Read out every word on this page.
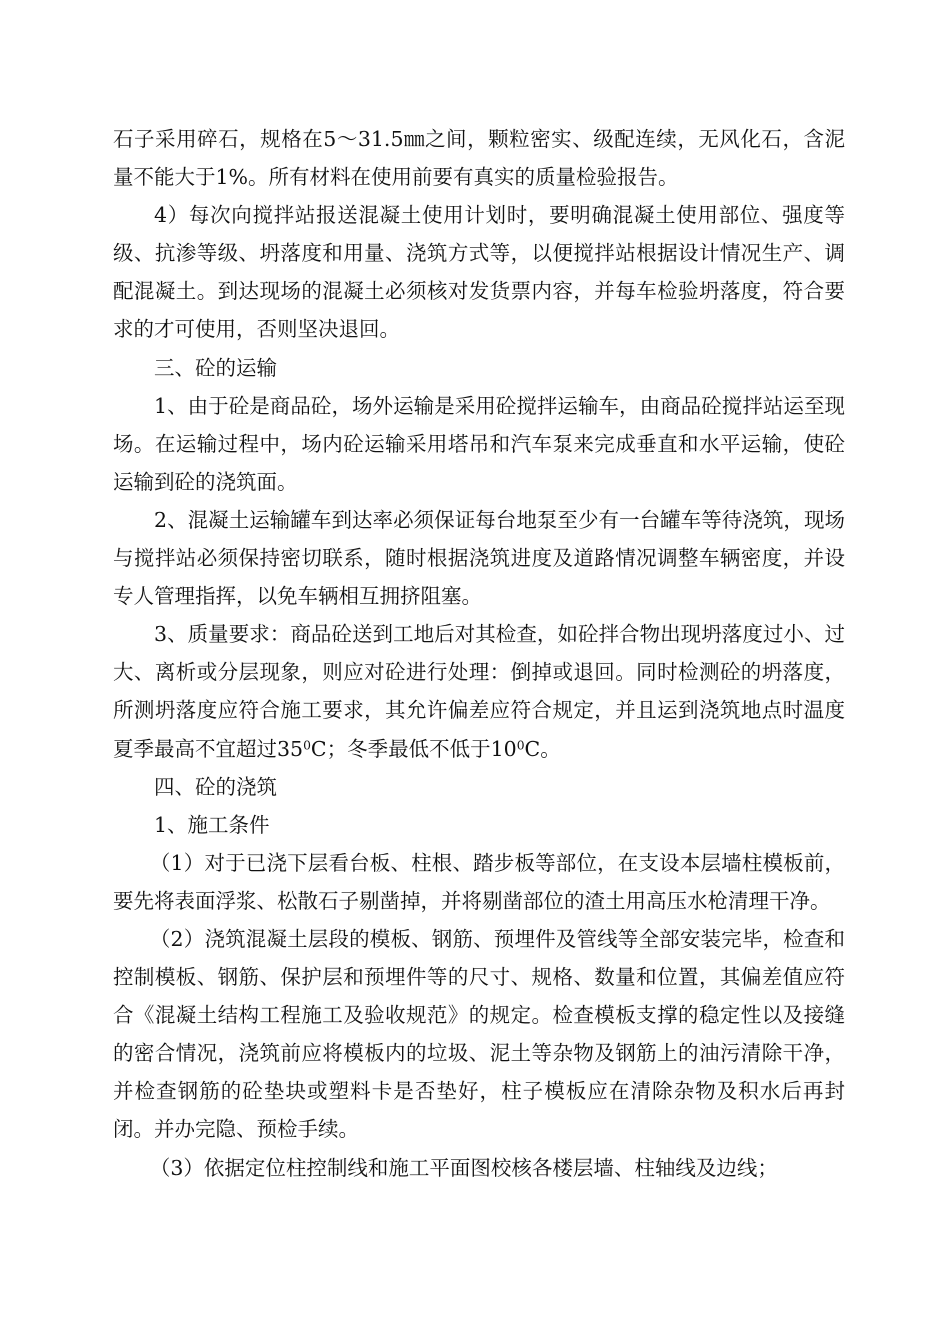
石子采用碎石，规格在5～31.5㎜之间，颗粒密实、级配连续，无风化石，含泥量不能大于1%。所有材料在使用前要有真实的质量检验报告。

4）每次向搅拌站报送混凝土使用计划时，要明确混凝土使用部位、强度等级、抗渗等级、坍落度和用量、浇筑方式等，以便搅拌站根据设计情况生产、调配混凝土。到达现场的混凝土必须核对发货票内容，并每车检验坍落度，符合要求的才可使用，否则坚决退回。

三、砼的运输

1、由于砼是商品砼，场外运输是采用砼搅拌运输车，由商品砼搅拌站运至现场。在运输过程中，场内砼运输采用塔吊和汽车泵来完成垂直和水平运输，使砼运输到砼的浇筑面。

2、混凝土运输罐车到达率必须保证每台地泵至少有一台罐车等待浇筑，现场与搅拌站必须保持密切联系，随时根据浇筑进度及道路情况调整车辆密度，并设专人管理指挥，以免车辆相互拥挤阻塞。

3、质量要求：商品砼送到工地后对其检查，如砼拌合物出现坍落度过小、过大、离析或分层现象，则应对砼进行处理：倒掉或退回。同时检测砼的坍落度，所测坍落度应符合施工要求，其允许偏差应符合规定，并且运到浇筑地点时温度夏季最高不宜超过$35^0C$；冬季最低不低于$10^0C$。

四、砼的浇筑

1、施工条件

（1）对于已浇下层看台板、柱根、踏步板等部位，在支设本层墙柱模板前，要先将表面浮浆、松散石子剔凿掉，并将剔凿部位的渣土用高压水枪清理干净。

（2）浇筑混凝土层段的模板、钢筋、预埋件及管线等全部安装完毕，检查和控制模板、钢筋、保护层和预埋件等的尺寸、规格、数量和位置，其偏差值应符合《混凝土结构工程施工及验收规范》的规定。检查模板支撑的稳定性以及接缝的密合情况，浇筑前应将模板内的垃圾、泥土等杂物及钢筋上的油污清除干净，并检查钢筋的砼垫块或塑料卡是否垫好，柱子模板应在清除杂物及积水后再封闭。并办完隐、预检手续。

（3）依据定位柱控制线和施工平面图校核各楼层墙、柱轴线及边线；
